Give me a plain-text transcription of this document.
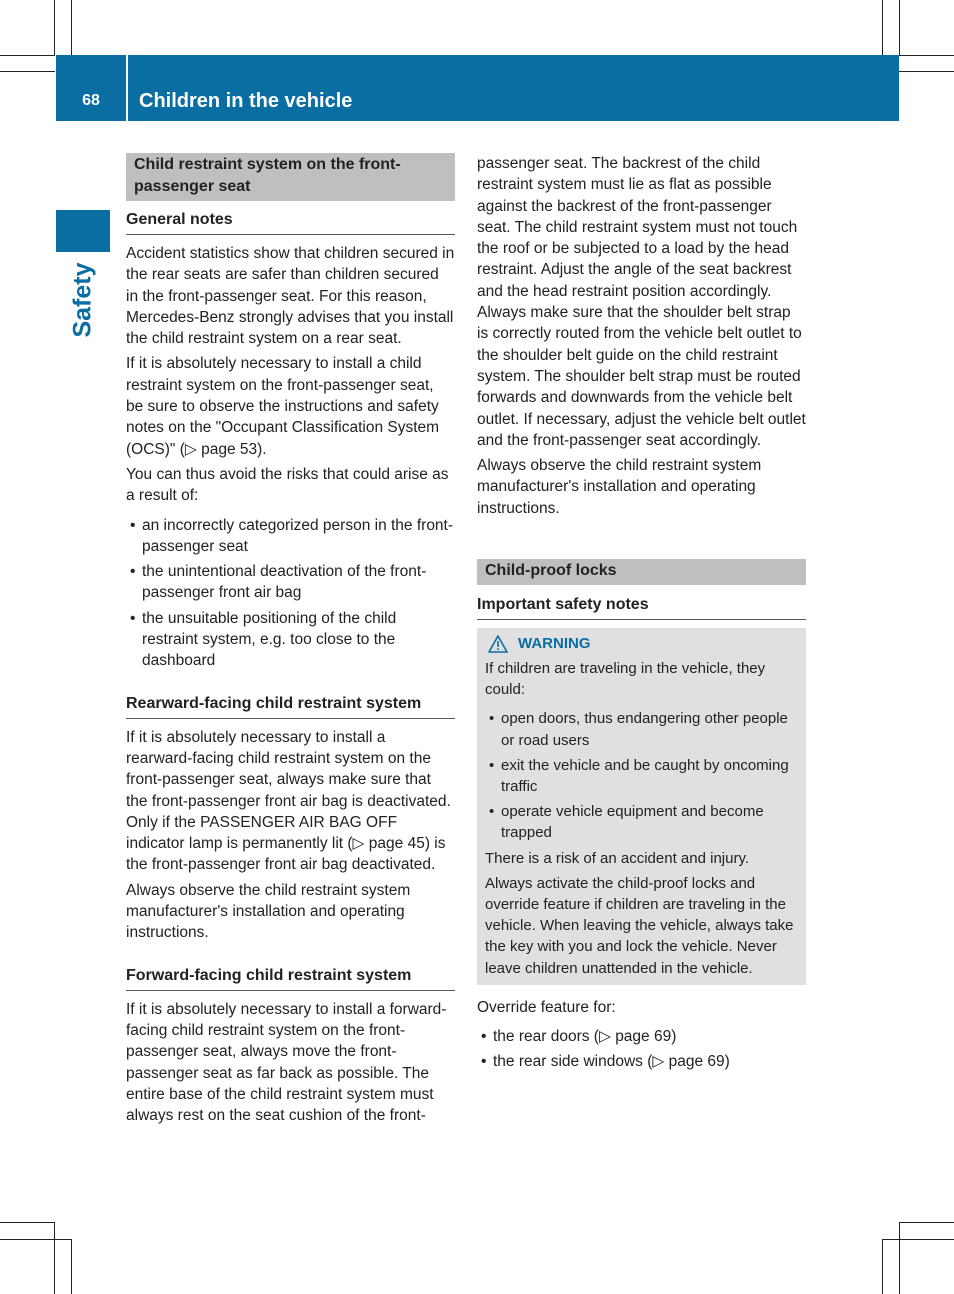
68	Children in the vehicle
Safety
Child restraint system on the front-passenger seat
General notes

Accident statistics show that children secured in the rear seats are safer than children secured in the front-passenger seat. For this reason, Mercedes-Benz strongly advises that you install the child restraint system on a rear seat.

If it is absolutely necessary to install a child restraint system on the front-passenger seat, be sure to observe the instructions and safety notes on the "Occupant Classification System (OCS)" (▷ page 53).

You can thus avoid the risks that could arise as a result of:

• an incorrectly categorized person in the front-passenger seat
• the unintentional deactivation of the front-passenger front air bag
• the unsuitable positioning of the child restraint system, e.g. too close to the dashboard
Rearward-facing child restraint system

If it is absolutely necessary to install a rearward-facing child restraint system on the front-passenger seat, always make sure that the front-passenger front air bag is deactivated. Only if the PASSENGER AIR BAG OFF indicator lamp is permanently lit (▷ page 45) is the front-passenger front air bag deactivated.

Always observe the child restraint system manufacturer's installation and operating instructions.

Forward-facing child restraint system

If it is absolutely necessary to install a forward-facing child restraint system on the front-passenger seat, always move the front-passenger seat as far back as possible. The entire base of the child restraint system must always rest on the seat cushion of the front-

passenger seat. The backrest of the child restraint system must lie as flat as possible against the backrest of the front-passenger seat. The child restraint system must not touch the roof or be subjected to a load by the head restraint. Adjust the angle of the seat backrest and the head restraint position accordingly. Always make sure that the shoulder belt strap is correctly routed from the vehicle belt outlet to the shoulder belt guide on the child restraint system. The shoulder belt strap must be routed forwards and downwards from the vehicle belt outlet. If necessary, adjust the vehicle belt outlet and the front-passenger seat accordingly.

Always observe the child restraint system manufacturer's installation and operating instructions.

Child-proof locks
Important safety notes
WARNING

If children are traveling in the vehicle, they could:

• open doors, thus endangering other people or road users
• exit the vehicle and be caught by oncoming traffic
• operate vehicle equipment and become trapped

There is a risk of an accident and injury.

Always activate the child-proof locks and override feature if children are traveling in the vehicle. When leaving the vehicle, always take the key with you and lock the vehicle. Never leave children unattended in the vehicle.

Override feature for:

• the rear doors (▷ page 69)
• the rear side windows (▷ page 69)
